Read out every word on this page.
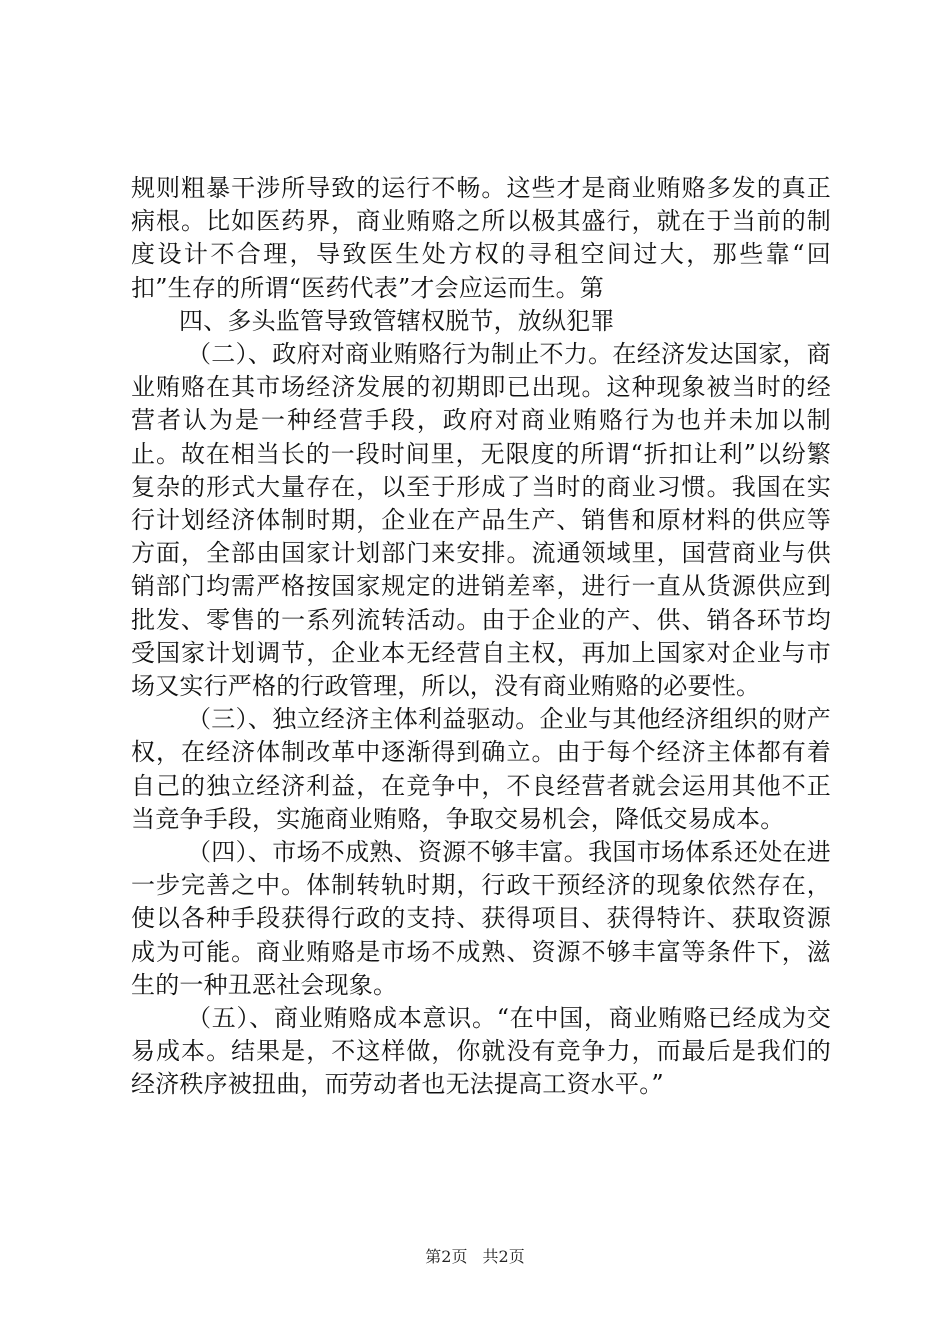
规则粗暴干涉所导致的运行不畅。这些才是商业贿赂多发的真正病根。比如医药界，商业贿赂之所以极其盛行，就在于当前的制度设计不合理，导致医生处方权的寻租空间过大，那些靠“回扣”生存的所谓“医药代表”才会应运而生。第

四、多头监管导致管辖权脱节，放纵犯罪

（二）、政府对商业贿赂行为制止不力。在经济发达国家，商业贿赂在其市场经济发展的初期即已出现。这种现象被当时的经营者认为是一种经营手段，政府对商业贿赂行为也并未加以制止。故在相当长的一段时间里，无限度的所谓“折扣让利”以纷繁复杂的形式大量存在，以至于形成了当时的商业习惯。我国在实行计划经济体制时期，企业在产品生产、销售和原材料的供应等方面，全部由国家计划部门来安排。流通领域里，国营商业与供销部门均需严格按国家规定的进销差率，进行一直从货源供应到批发、零售的一系列流转活动。由于企业的产、供、销各环节均受国家计划调节，企业本无经营自主权，再加上国家对企业与市场又实行严格的行政管理，所以，没有商业贿赂的必要性。

（三）、独立经济主体利益驱动。企业与其他经济组织的财产权，在经济体制改革中逐渐得到确立。由于每个经济主体都有着自己的独立经济利益，在竞争中，不良经营者就会运用其他不正当竞争手段，实施商业贿赂，争取交易机会，降低交易成本。

（四）、市场不成熟、资源不够丰富。我国市场体系还处在进一步完善之中。体制转轨时期，行政干预经济的现象依然存在，使以各种手段获得行政的支持、获得项目、获得特许、获取资源成为可能。商业贿赂是市场不成熟、资源不够丰富等条件下，滋生的一种丑恶社会现象。

（五）、商业贿赂成本意识。“在中国，商业贿赂已经成为交易成本。结果是，不这样做，你就没有竞争力，而最后是我们的经济秩序被扭曲，而劳动者也无法提高工资水平。”

第2页 共2页
